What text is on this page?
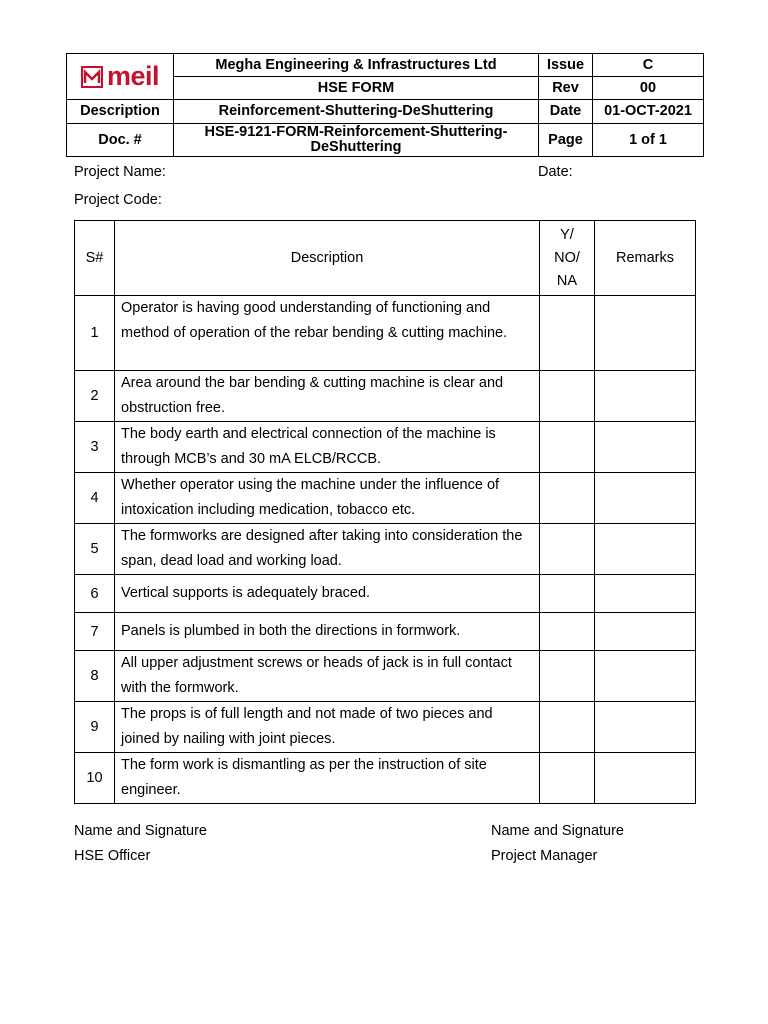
meil	Megha Engineering & Infrastructures Ltd	Issue	C
	HSE FORM	Rev	00
Description	Reinforcement-Shuttering-DeShuttering	Date	01-OCT-2021
Doc. #	HSE-9121-FORM-Reinforcement-Shuttering-DeShuttering	Page	1 of 1
Project Name:	Date:
Project Code:
S#	Description	Y/
NO/
NA	Remarks
1	Operator is having good understanding of functioning and method of operation of the rebar bending & cutting machine.		
2	Area around the bar bending & cutting machine is clear and obstruction free.		
3	The body earth and electrical connection of the machine is through MCB’s and 30 mA ELCB/RCCB.		
4	Whether operator using the machine under the influence of intoxication including medication, tobacco etc.		
5	The formworks are designed after taking into consideration the span, dead load and working load.		
6	Vertical supports is adequately braced.		
7	Panels is plumbed in both the directions in formwork.		
8	All upper adjustment screws or heads of jack is in full contact with the formwork.		
9	The props is of full length and not made of two pieces and joined by nailing with joint pieces.		
10	The form work is dismantling as per the instruction of site engineer.		
Name and Signature
HSE Officer
Name and Signature
Project Manager
